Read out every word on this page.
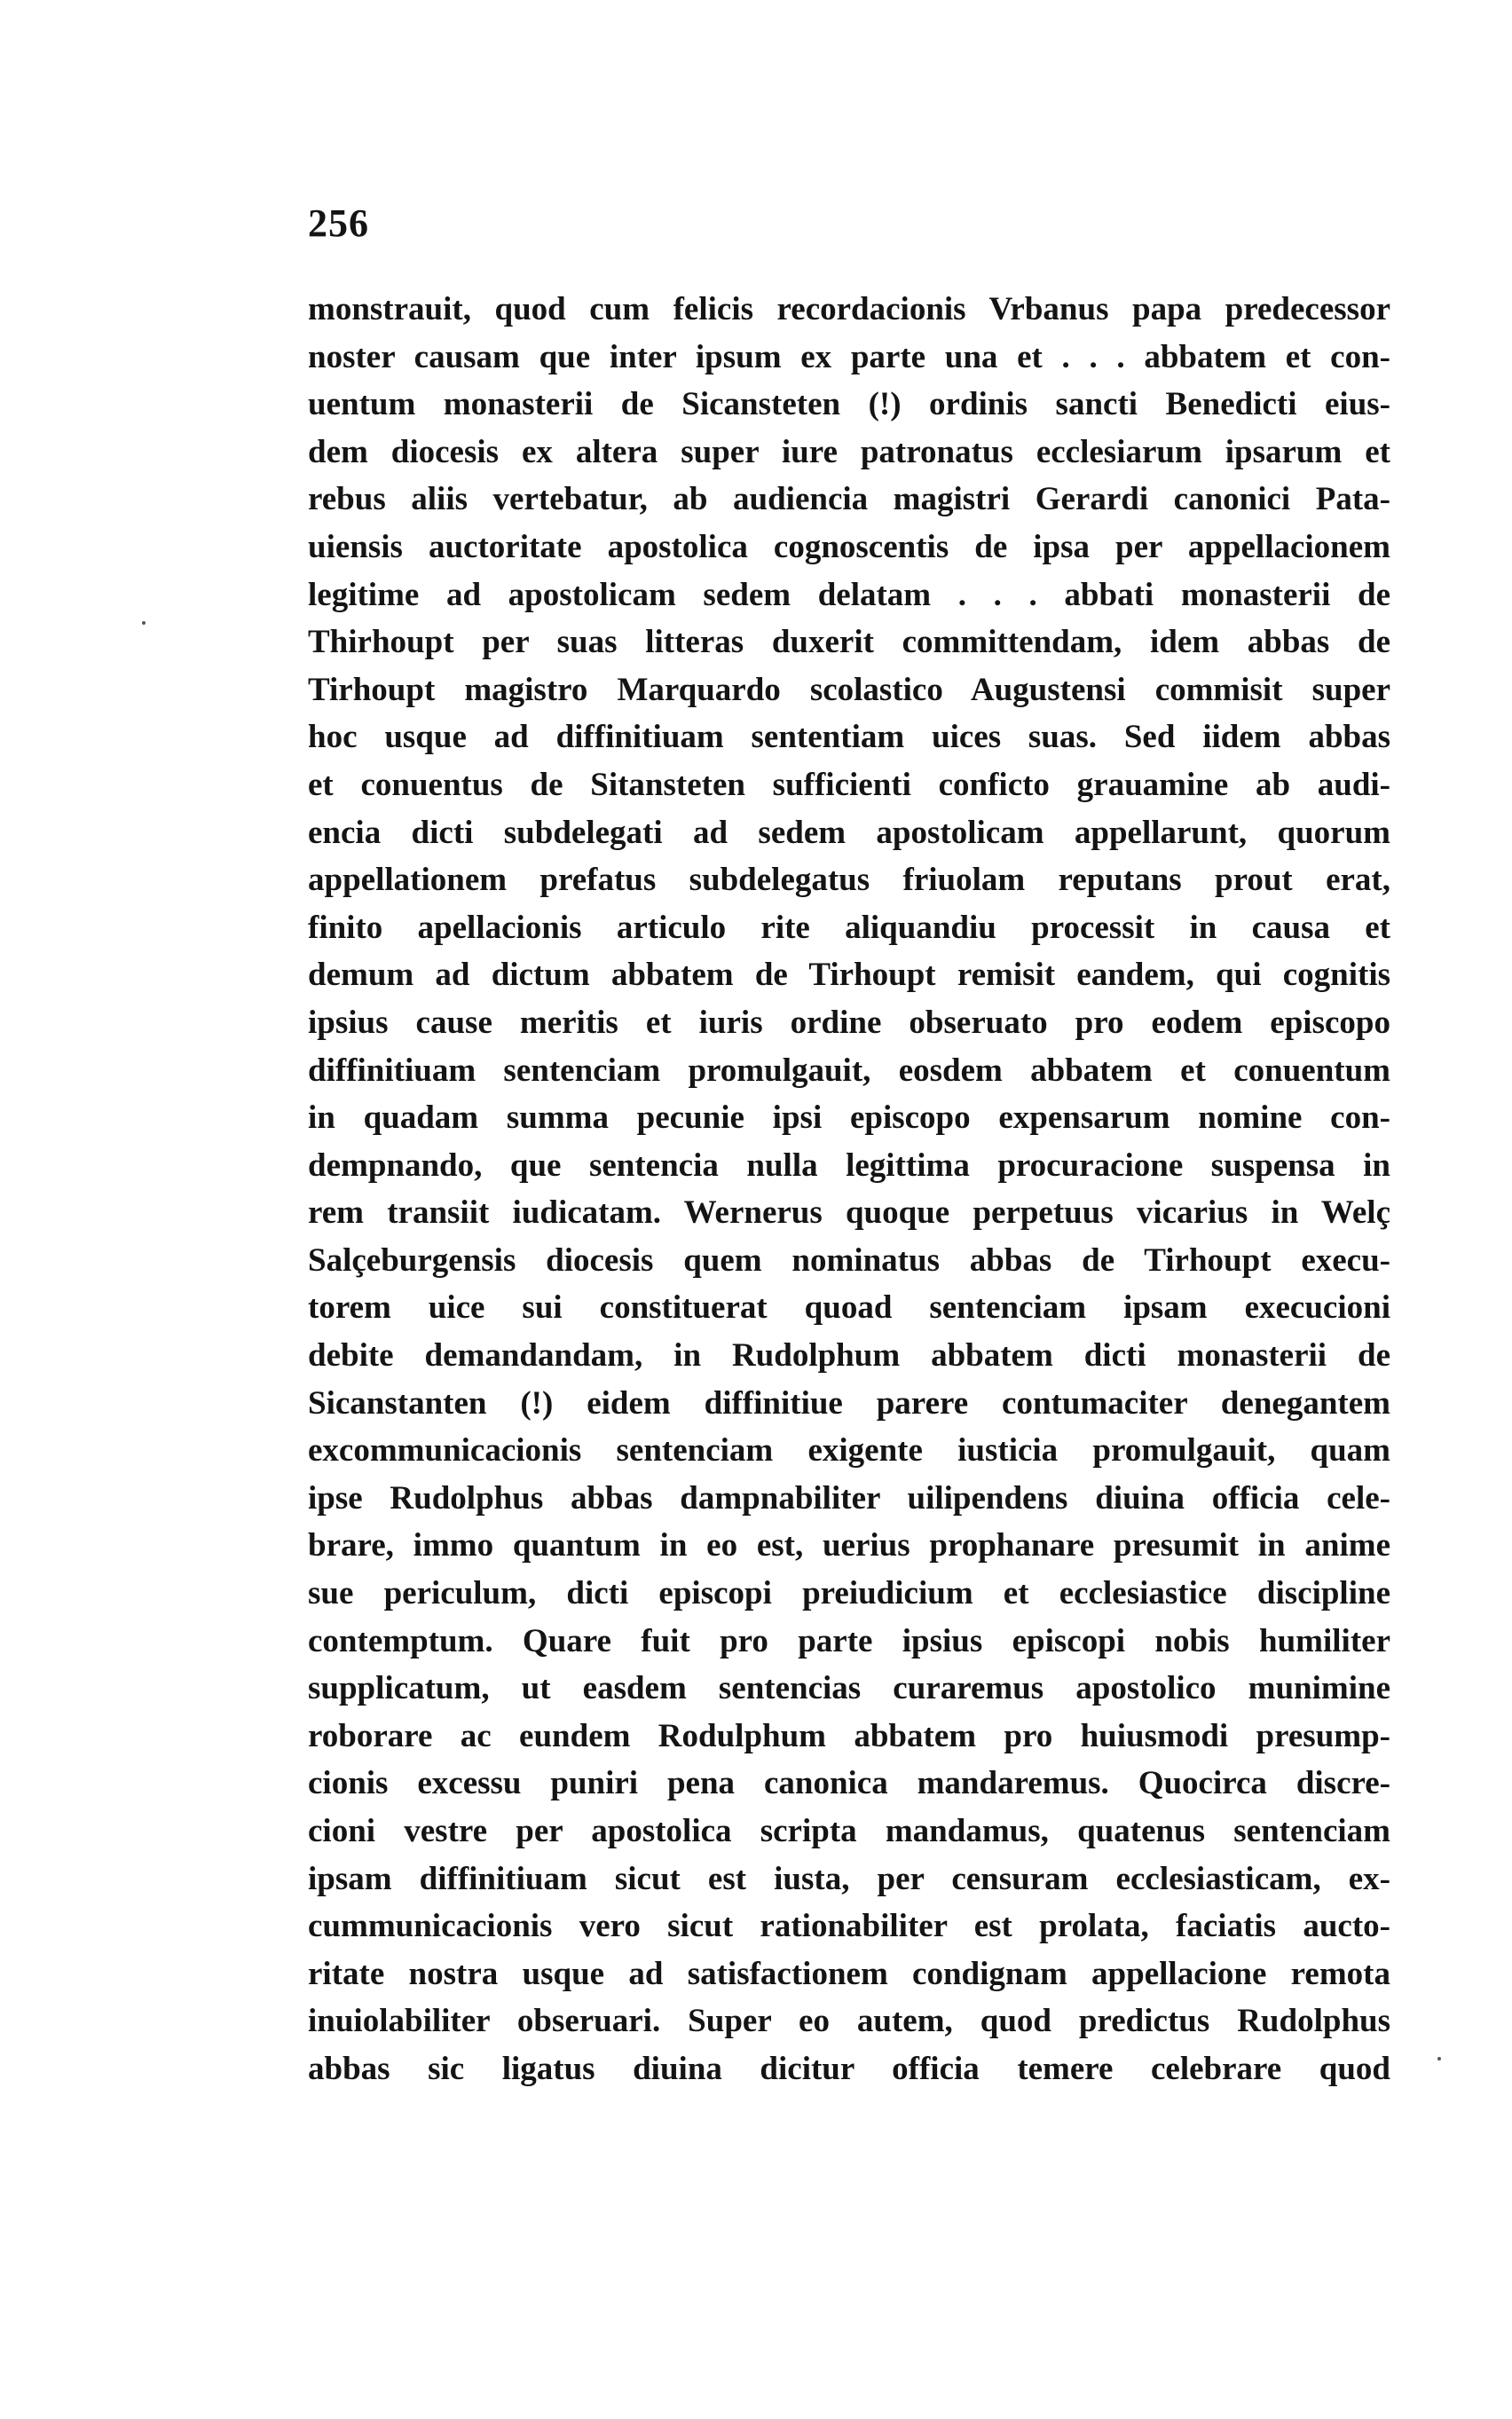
256
monstrauit, quod cum felicis recordacionis Vrbanus papa predecessor
noster causam que inter ipsum ex parte una et . . . abbatem et con-
uentum monasterii de Sicansteten (!) ordinis sancti Benedicti eius-
dem diocesis ex altera super iure patronatus ecclesiarum ipsarum et
rebus aliis vertebatur, ab audiencia magistri Gerardi canonici Pata-
uiensis auctoritate apostolica cognoscentis de ipsa per appellacionem
legitime ad apostolicam sedem delatam . . . abbati monasterii de
Thirhoupt per suas litteras duxerit committendam, idem abbas de
Tirhoupt magistro Marquardo scolastico Augustensi commisit super
hoc usque ad diffinitiuam sententiam uices suas. Sed iidem abbas
et conuentus de Sitansteten sufficienti conficto grauamine ab audi-
encia dicti subdelegati ad sedem apostolicam appellarunt, quorum
appellationem prefatus subdelegatus friuolam reputans prout erat,
finito apellacionis articulo rite aliquandiu processit in causa et
demum ad dictum abbatem de Tirhoupt remisit eandem, qui cognitis
ipsius cause meritis et iuris ordine obseruato pro eodem episcopo
diffinitiuam sentenciam promulgauit, eosdem abbatem et conuentum
in quadam summa pecunie ipsi episcopo expensarum nomine con-
dempnando, que sentencia nulla legittima procuracione suspensa in
rem transiit iudicatam. Wernerus quoque perpetuus vicarius in Welç
Salçeburgensis diocesis quem nominatus abbas de Tirhoupt execu-
torem uice sui constituerat quoad sentenciam ipsam execucioni
debite demandandam, in Rudolphum abbatem dicti monasterii de
Sicanstanten (!) eidem diffinitiue parere contumaciter denegantem
excommunicacionis sentenciam exigente iusticia promulgauit, quam
ipse Rudolphus abbas dampnabiliter uilipendens diuina officia cele-
brare, immo quantum in eo est, uerius prophanare presumit in anime
sue periculum, dicti episcopi preiudicium et ecclesiastice discipline
contemptum. Quare fuit pro parte ipsius episcopi nobis humiliter
supplicatum, ut easdem sentencias curaremus apostolico munimine
roborare ac eundem Rodulphum abbatem pro huiusmodi presump-
cionis excessu puniri pena canonica mandaremus. Quocirca discre-
cioni vestre per apostolica scripta mandamus, quatenus sentenciam
ipsam diffinitiuam sicut est iusta, per censuram ecclesiasticam, ex-
cummunicacionis vero sicut rationabiliter est prolata, faciatis aucto-
ritate nostra usque ad satisfactionem condignam appellacione remota
inuiolabiliter obseruari. Super eo autem, quod predictus Rudolphus
abbas sic ligatus diuina dicitur officia temere celebrare quod
